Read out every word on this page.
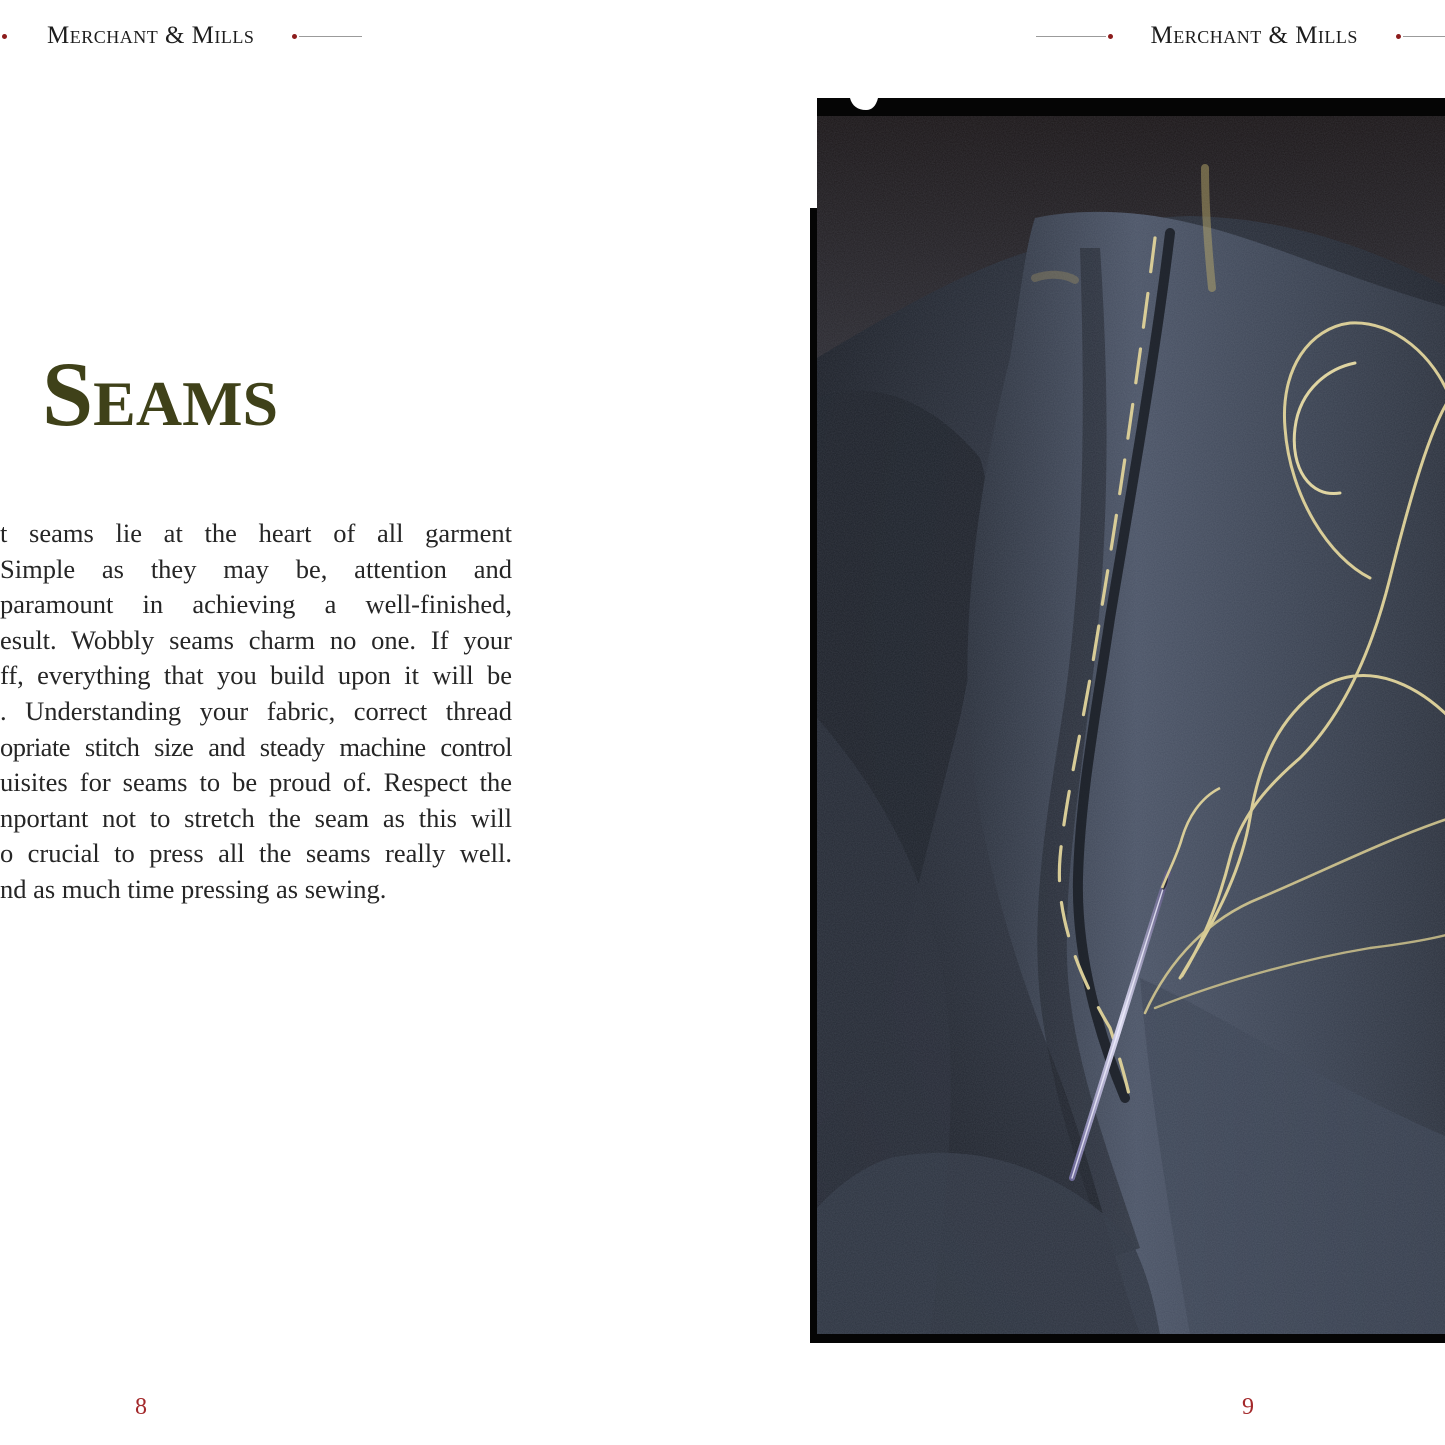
Merchant & Mills	Merchant & Mills
Seams
t seams lie at the heart of all garment
Simple as they may be, attention and
paramount in achieving a well-finished,
esult. Wobbly seams charm no one. If your
ff, everything that you build upon it will be
. Understanding your fabric, correct thread
opriate stitch size and steady machine control
uisites for seams to be proud of. Respect the
nportant not to stretch the seam as this will
o crucial to press all the seams really well.
nd as much time pressing as sewing.
8	9
